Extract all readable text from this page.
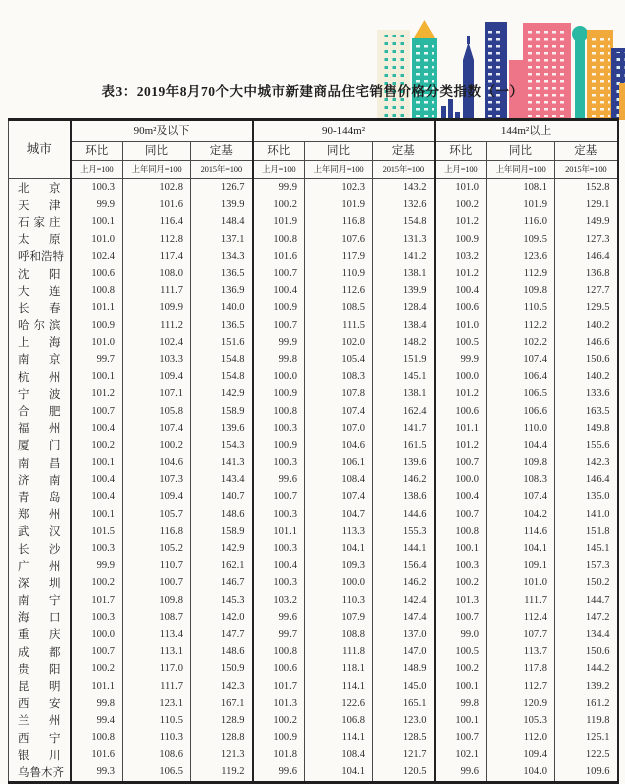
表3：2019年8月70个大中城市新建商品住宅销售价格分类指数（一）
城市	90m²及以下			90-144m²			144m²以上		
	环比	同比	定基	环比	同比	定基	环比	同比	定基
	上月=100	上年同月=100	2015年=100	上月=100	上年同月=100	2015年=100	上月=100	上年同月=100	2015年=100
北京	100.3	102.8	126.7	99.9	102.3	143.2	101.0	108.1	152.8
天津	99.9	101.6	139.9	100.2	101.9	132.6	100.2	101.9	129.1
石家庄	100.1	116.4	148.4	101.9	116.8	154.8	101.2	116.0	149.9
太原	101.0	112.8	137.1	100.8	107.6	131.3	100.9	109.5	127.3
呼和浩特	102.4	117.4	134.3	101.6	117.9	141.2	103.2	123.6	146.4
沈阳	100.6	108.0	136.5	100.7	110.9	138.1	101.2	112.9	136.8
大连	100.8	111.7	136.9	100.4	112.6	139.9	100.4	109.8	127.7
长春	101.1	109.9	140.0	100.9	108.5	128.4	100.6	110.5	129.5
哈尔滨	100.9	111.2	136.5	100.7	111.5	138.4	101.0	112.2	140.2
上海	101.0	102.4	151.6	99.9	102.0	148.2	100.5	102.2	146.6
南京	99.7	103.3	154.8	99.8	105.4	151.9	99.9	107.4	150.6
杭州	100.1	109.4	154.8	100.0	108.3	145.1	100.0	106.4	140.2
宁波	101.2	107.1	142.9	100.9	107.8	138.1	101.2	106.5	133.6
合肥	100.7	105.8	158.9	100.8	107.4	162.4	100.6	106.6	163.5
福州	100.4	107.4	139.6	100.3	107.0	141.7	101.1	110.0	149.8
厦门	100.2	100.2	154.3	100.9	104.6	161.5	101.2	104.4	155.6
南昌	100.1	104.6	141.3	100.3	106.1	139.6	100.7	109.8	142.3
济南	100.4	107.3	143.4	99.6	108.4	146.2	100.0	108.3	146.4
青岛	100.4	109.4	140.7	100.7	107.4	138.6	100.4	107.4	135.0
郑州	100.1	105.7	148.6	100.3	104.7	144.6	100.7	104.2	141.0
武汉	101.5	116.8	158.9	101.1	113.3	155.3	100.8	114.6	151.8
长沙	100.3	105.2	142.9	100.3	104.1	144.1	100.1	104.1	145.1
广州	99.9	110.7	162.1	100.4	109.3	156.4	100.3	109.1	157.3
深圳	100.2	100.7	146.7	100.3	100.0	146.2	100.2	101.0	150.2
南宁	101.7	109.8	145.3	103.2	110.3	142.4	101.3	111.7	144.7
海口	100.3	108.7	142.0	99.6	107.9	147.4	100.7	112.4	147.2
重庆	100.0	113.4	147.7	99.7	108.8	137.0	99.0	107.7	134.4
成都	100.7	113.1	148.6	100.8	111.8	147.0	100.5	113.7	150.6
贵阳	100.2	117.0	150.9	100.6	118.1	148.9	100.2	117.8	144.2
昆明	101.1	111.7	142.3	101.7	114.1	145.0	100.1	112.7	139.2
西安	99.8	123.1	167.1	101.3	122.6	165.1	99.8	120.9	161.2
兰州	99.4	110.5	128.9	100.2	106.8	123.0	100.1	105.3	119.8
西宁	100.8	110.3	128.8	100.9	114.1	128.5	100.7	112.0	125.1
银川	101.6	108.6	121.3	101.8	108.4	121.7	102.1	109.4	122.5
乌鲁木齐	99.3	106.5	119.2	99.6	104.1	120.5	99.6	104.0	109.6
